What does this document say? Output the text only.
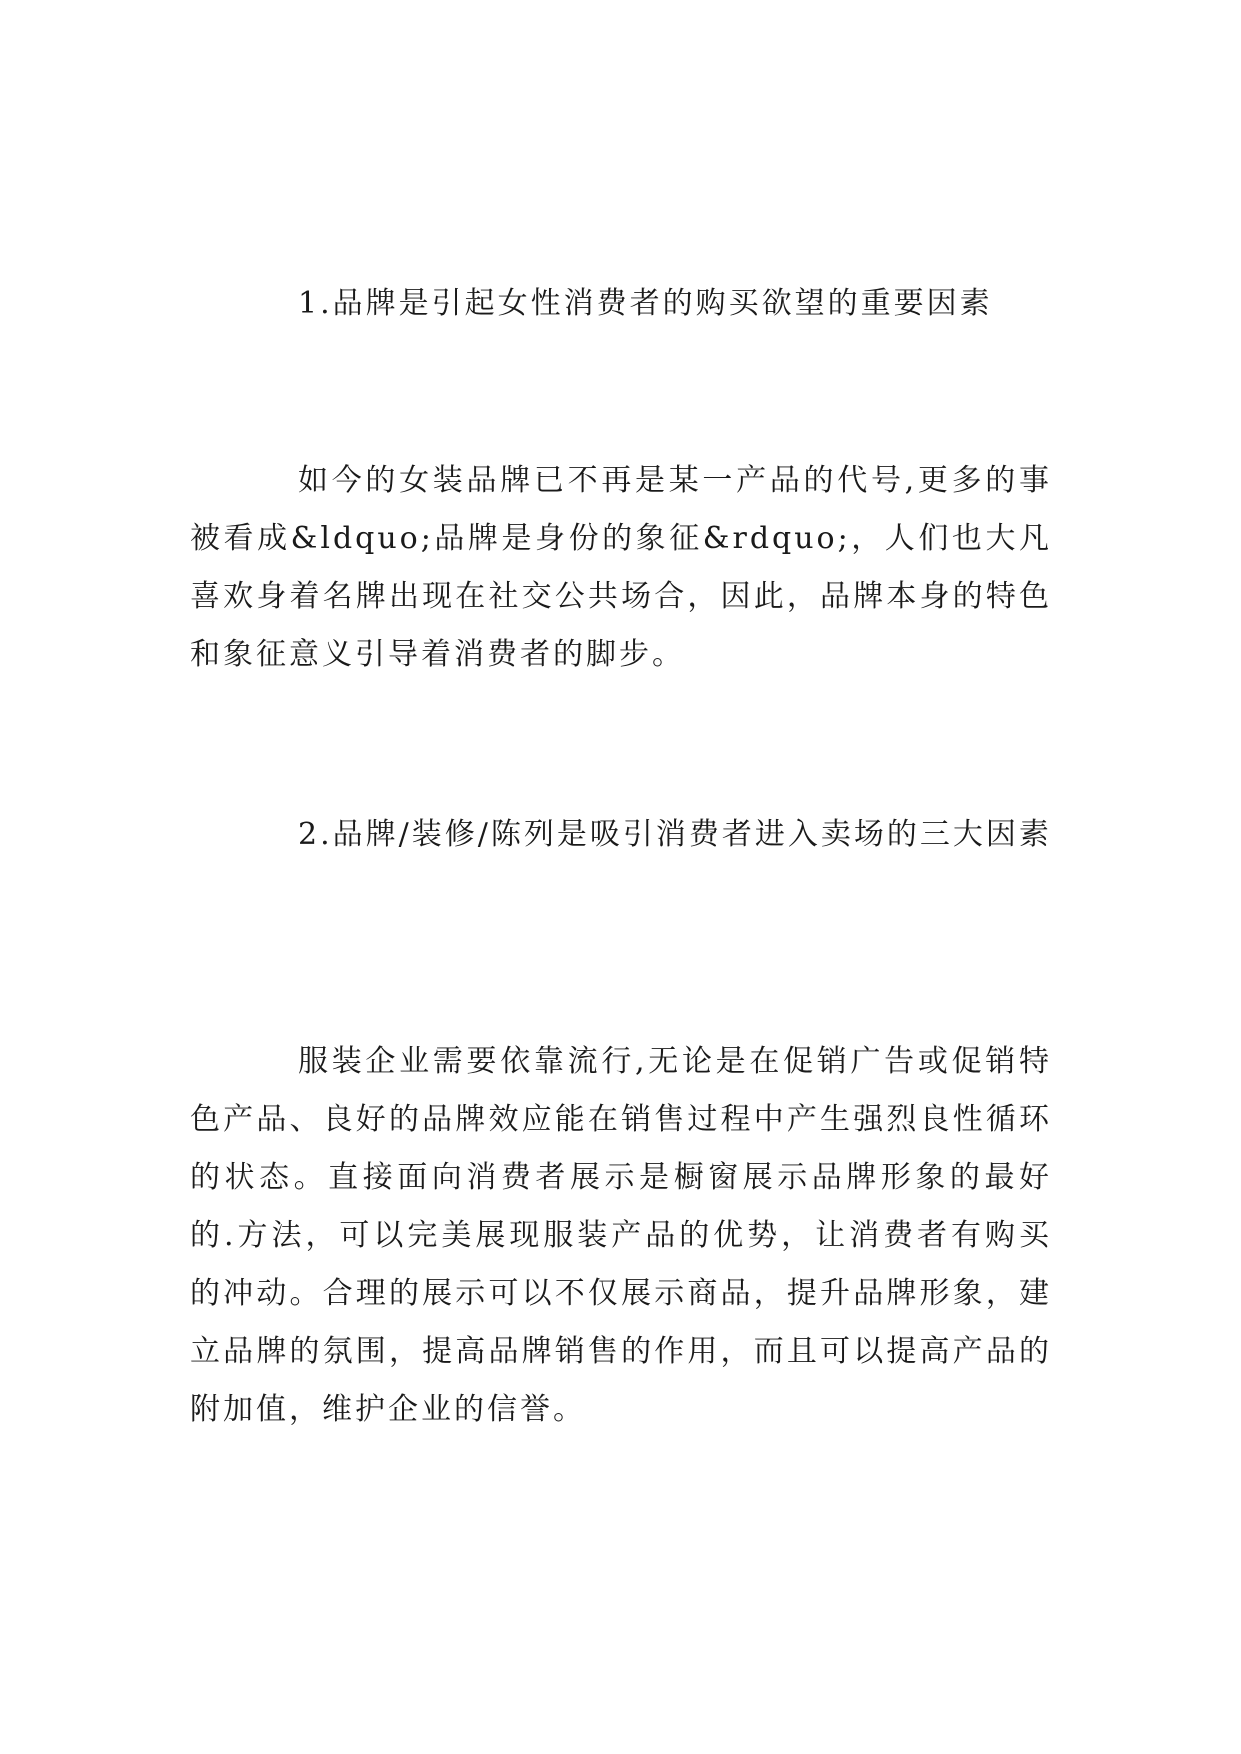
1.品牌是引起女性消费者的购买欲望的重要因素

如今的女装品牌已不再是某一产品的代号,更多的事被看成&ldquo;品牌是身份的象征&rdquo;，人们也大凡喜欢身着名牌出现在社交公共场合，因此，品牌本身的特色和象征意义引导着消费者的脚步。

2.品牌/装修/陈列是吸引消费者进入卖场的三大因素

服装企业需要依靠流行,无论是在促销广告或促销特色产品、良好的品牌效应能在销售过程中产生强烈良性循环的状态。直接面向消费者展示是橱窗展示品牌形象的最好的.方法，可以完美展现服装产品的优势，让消费者有购买的冲动。合理的展示可以不仅展示商品，提升品牌形象，建立品牌的氛围，提高品牌销售的作用，而且可以提高产品的附加值，维护企业的信誉。
